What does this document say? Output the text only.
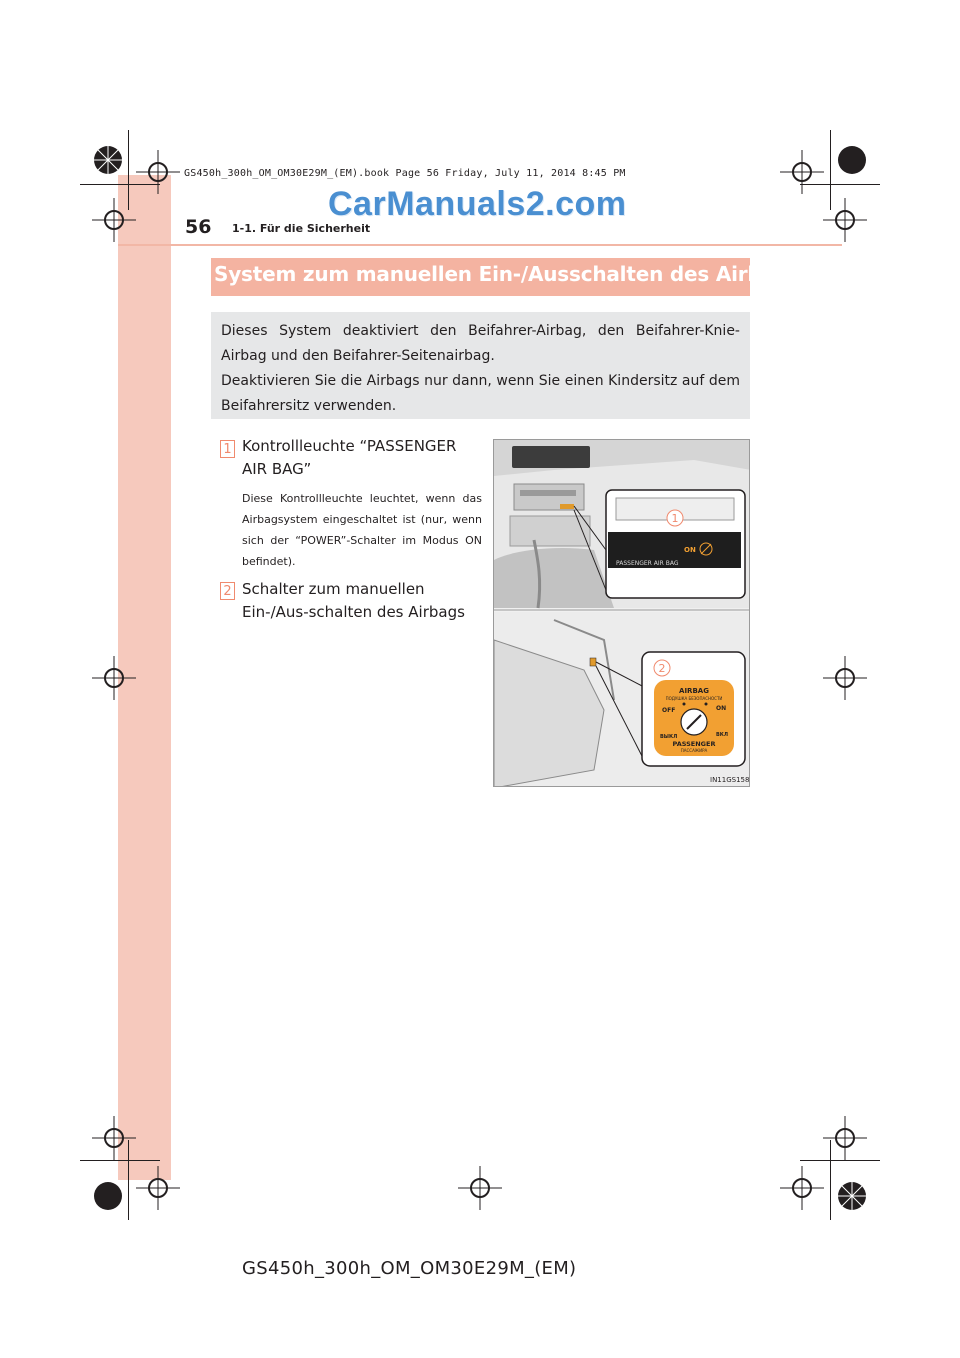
GS450h_300h_OM_OM30E29M_(EM).book Page 56 Friday, July 11, 2014 8:45 PM
CarManuals2.com
56 1-1. Für die Sicherheit
System zum manuellen Ein-/Ausschalten des Airbags

Dieses System deaktiviert den Beifahrer-Airbag, den Beifahrer-Knie-Airbag und den Beifahrer-Seitenairbag.

Deaktivieren Sie die Airbags nur dann, wenn Sie einen Kindersitz auf dem Beifahrersitz verwenden.

1 Kontrollleuchte “PASSENGER AIR BAG”
Diese Kontrollleuchte leuchtet, wenn das Airbagsystem eingeschaltet ist (nur, wenn sich der “POWER”-Schalter im Modus ON befindet).
2 Schalter zum manuellen Ein-/Aus-schalten des Airbags
1
ON
PASSENGER AIR BAG
2
AIRBAG
ПОДУШКА БЕЗОПАСНОСТИ
OFF
ВЫКЛ
ON
ВКЛ
PASSENGER
ПАССАЖИРА
IN11GS158
GS450h_300h_OM_OM30E29M_(EM)
